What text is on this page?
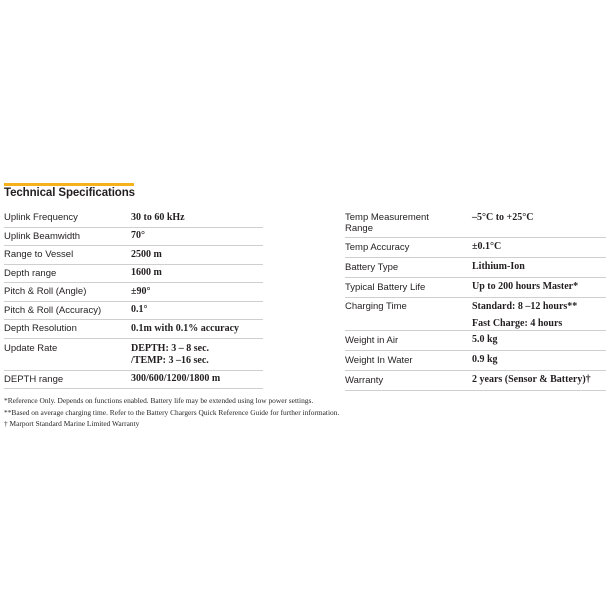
Technical Specifications
Uplink Frequency	30 to 60 kHz
Uplink Beamwidth	70°
Range to Vessel	2500 m
Depth range	1600 m
Pitch & Roll (Angle)	±90°
Pitch & Roll (Accuracy)	0.1°
Depth Resolution	0.1m with 0.1% accuracy
Update Rate	DEPTH: 3 – 8 sec.
/TEMP: 3 –16 sec.

DEPTH range	300/600/1200/1800 m
Temp Measurement
Range	–5°C to +25°C
Temp Accuracy	±0.1°C
Battery Type	Lithium-Ion
Typical Battery Life	Up to 200 hours Master*
Charging Time	Standard: 8 –12 hours**
Fast Charge: 4 hours

Weight in Air	5.0 kg
Weight In Water	0.9 kg
Warranty	2 years (Sensor & Battery)†
*Reference Only. Depends on functions enabled. Battery life may be extended using low power settings.
**Based on average charging time. Refer to the Battery Chargers Quick Reference Guide for further information.
† Marport Standard Marine Limited Warranty
